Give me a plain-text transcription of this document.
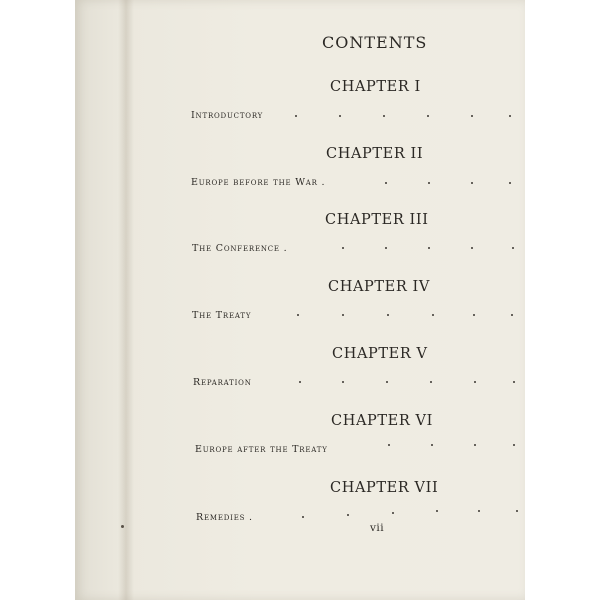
CONTENTS
CHAPTER I
Introductory
CHAPTER II
Europe before the War .
CHAPTER III
The Conference .
CHAPTER IV
The Treaty
CHAPTER V
Reparation
CHAPTER VI
Europe after the Treaty
CHAPTER VII
Remedies .
vii
